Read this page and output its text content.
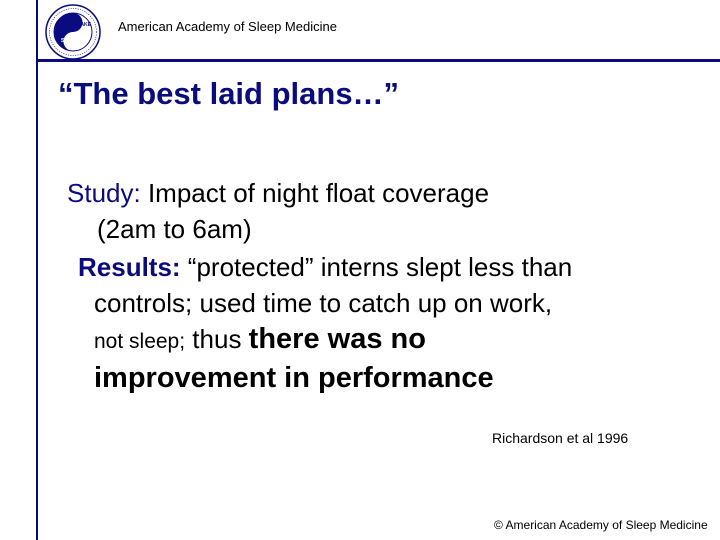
WAKE
SLEEP
American Academy of Sleep Medicine
“The best laid plans…”
Study: Impact of night float coverage
(2am to 6am)
Results: “protected” interns slept less than
controls; used time to catch up on work,
not sleep; thus there was no
improvement in performance
Richardson et al 1996
© American Academy of Sleep Medicine
